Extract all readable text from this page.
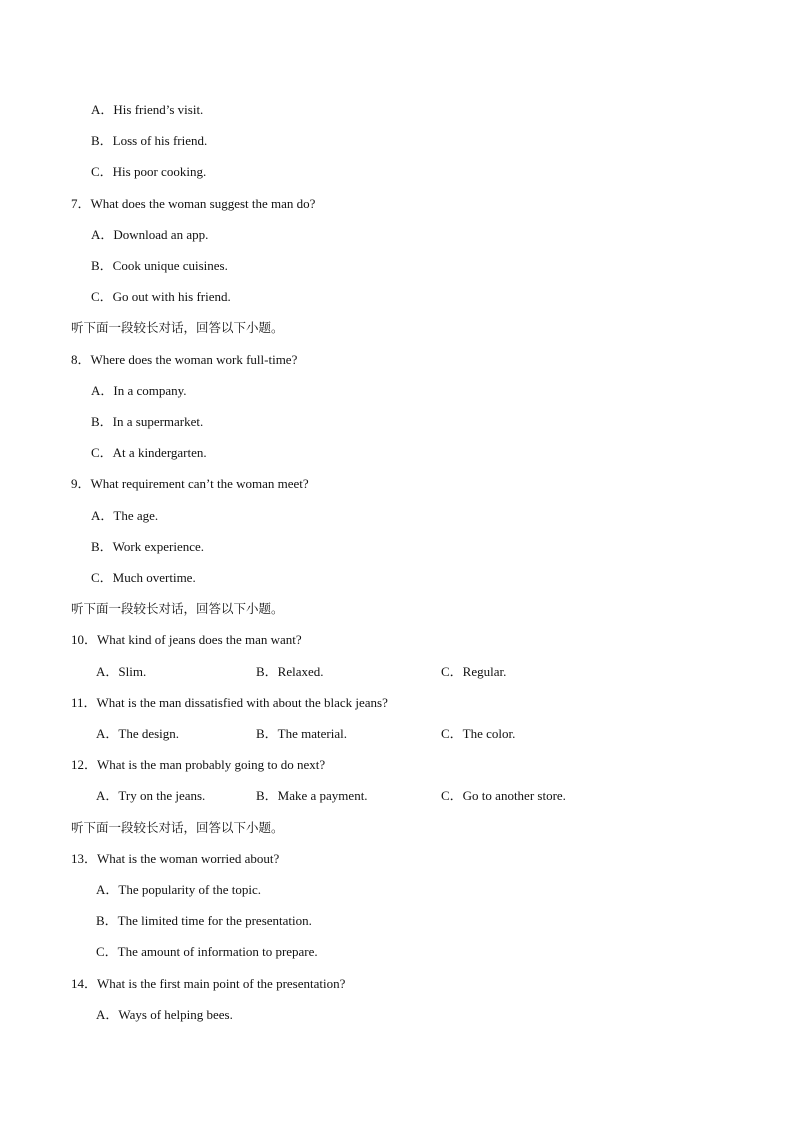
A．His friend’s visit.
B．Loss of his friend.
C．His poor cooking.
7．What does the woman suggest the man do?
A．Download an app.
B．Cook unique cuisines.
C．Go out with his friend.
听下面一段较长对话，回答以下小题。
8．Where does the woman work full-time?
A．In a company.
B．In a supermarket.
C．At a kindergarten.
9．What requirement can’t the woman meet?
A．The age.
B．Work experience.
C．Much overtime.
听下面一段较长对话，回答以下小题。
10．What kind of jeans does the man want?
A．Slim.	B．Relaxed.	C．Regular.
11．What is the man dissatisfied with about the black jeans?
A．The design.	B．The material.	C．The color.
12．What is the man probably going to do next?
A．Try on the jeans.	B．Make a payment.	C．Go to another store.
听下面一段较长对话，回答以下小题。
13．What is the woman worried about?
A．The popularity of the topic.
B．The limited time for the presentation.
C．The amount of information to prepare.
14．What is the first main point of the presentation?
A．Ways of helping bees.
